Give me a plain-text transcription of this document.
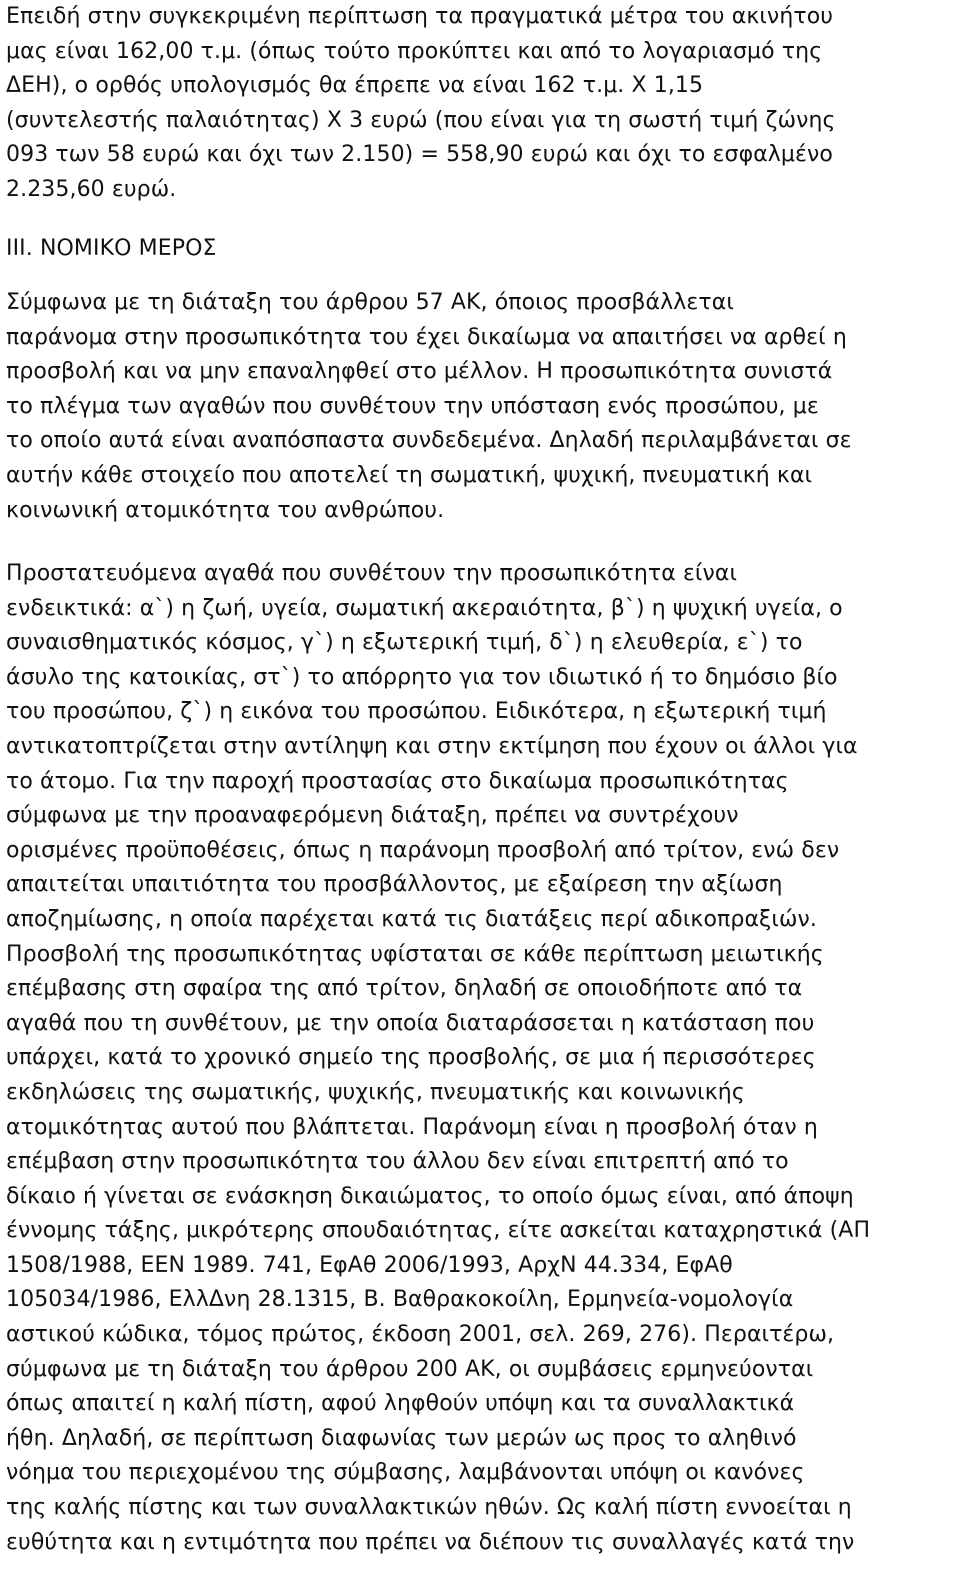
Επειδή στην συγκεκριμένη περίπτωση τα πραγματικά μέτρα του ακινήτου
μας είναι 162,00 τ.μ. (όπως τούτο προκύπτει και από το λογαριασμό της
ΔΕΗ), ο ορθός υπολογισμός θα έπρεπε να είναι 162 τ.μ. Χ 1,15
(συντελεστής παλαιότητας) Χ 3 ευρώ (που είναι για τη σωστή τιμή ζώνης
093 των 58 ευρώ και όχι των 2.150) = 558,90 ευρώ και όχι το εσφαλμένο
2.235,60 ευρώ.
ΙΙΙ. ΝΟΜΙΚΟ ΜΕΡΟΣ
Σύμφωνα με τη διάταξη του άρθρου 57 ΑΚ, όποιος προσβάλλεται
παράνομα στην προσωπικότητα του έχει δικαίωμα να απαιτήσει να αρθεί η
προσβολή και να μην επαναληφθεί στο μέλλον. Η προσωπικότητα συνιστά
το πλέγμα των αγαθών που συνθέτουν την υπόσταση ενός προσώπου, με
το οποίο αυτά είναι αναπόσπαστα συνδεδεμένα. Δηλαδή περιλαμβάνεται σε
αυτήν κάθε στοιχείο που αποτελεί τη σωματική, ψυχική, πνευματική και
κοινωνική ατομικότητα του ανθρώπου.
Προστατευόμενα αγαθά που συνθέτουν την προσωπικότητα είναι
ενδεικτικά: α`) η ζωή, υγεία, σωματική ακεραιότητα, β`) η ψυχική υγεία, ο
συναισθηματικός κόσμος, γ`) η εξωτερική τιμή, δ`) η ελευθερία, ε`) το
άσυλο της κατοικίας, στ`) το απόρρητο για τον ιδιωτικό ή το δημόσιο βίο
του προσώπου, ζ`) η εικόνα του προσώπου. Ειδικότερα, η εξωτερική τιμή
αντικατοπτρίζεται στην αντίληψη και στην εκτίμηση που έχουν οι άλλοι για
το άτομο. Για την παροχή προστασίας στο δικαίωμα προσωπικότητας
σύμφωνα με την προαναφερόμενη διάταξη, πρέπει να συντρέχουν
ορισμένες προϋποθέσεις, όπως η παράνομη προσβολή από τρίτον, ενώ δεν
απαιτείται υπαιτιότητα του προσβάλλοντος, με εξαίρεση την αξίωση
αποζημίωσης, η οποία παρέχεται κατά τις διατάξεις περί αδικοπραξιών.
Προσβολή της προσωπικότητας υφίσταται σε κάθε περίπτωση μειωτικής
επέμβασης στη σφαίρα της από τρίτον, δηλαδή σε οποιοδήποτε από τα
αγαθά που τη συνθέτουν, με την οποία διαταράσσεται η κατάσταση που
υπάρχει, κατά το χρονικό σημείο της προσβολής, σε μια ή περισσότερες
εκδηλώσεις της σωματικής, ψυχικής, πνευματικής και κοινωνικής
ατομικότητας αυτού που βλάπτεται. Παράνομη είναι η προσβολή όταν η
επέμβαση στην προσωπικότητα του άλλου δεν είναι επιτρεπτή από το
δίκαιο ή γίνεται σε ενάσκηση δικαιώματος, το οποίο όμως είναι, από άποψη
έννομης τάξης, μικρότερης σπουδαιότητας, είτε ασκείται καταχρηστικά (ΑΠ
1508/1988, ΕΕΝ 1989. 741, ΕφΑθ 2006/1993, ΑρχΝ 44.334, ΕφΑθ
105034/1986, ΕλλΔνη 28.1315, Β. Βαθρακοκοίλη, Ερμηνεία-νομολογία
αστικού κώδικα, τόμος πρώτος, έκδοση 2001, σελ. 269, 276). Περαιτέρω,
σύμφωνα με τη διάταξη του άρθρου 200 ΑΚ, οι συμβάσεις ερμηνεύονται
όπως απαιτεί η καλή πίστη, αφού ληφθούν υπόψη και τα συναλλακτικά
ήθη. Δηλαδή, σε περίπτωση διαφωνίας των μερών ως προς το αληθινό
νόημα του περιεχομένου της σύμβασης, λαμβάνονται υπόψη οι κανόνες
της καλής πίστης και των συναλλακτικών ηθών. Ως καλή πίστη εννοείται η
ευθύτητα και η εντιμότητα που πρέπει να διέπουν τις συναλλαγές κατά την
